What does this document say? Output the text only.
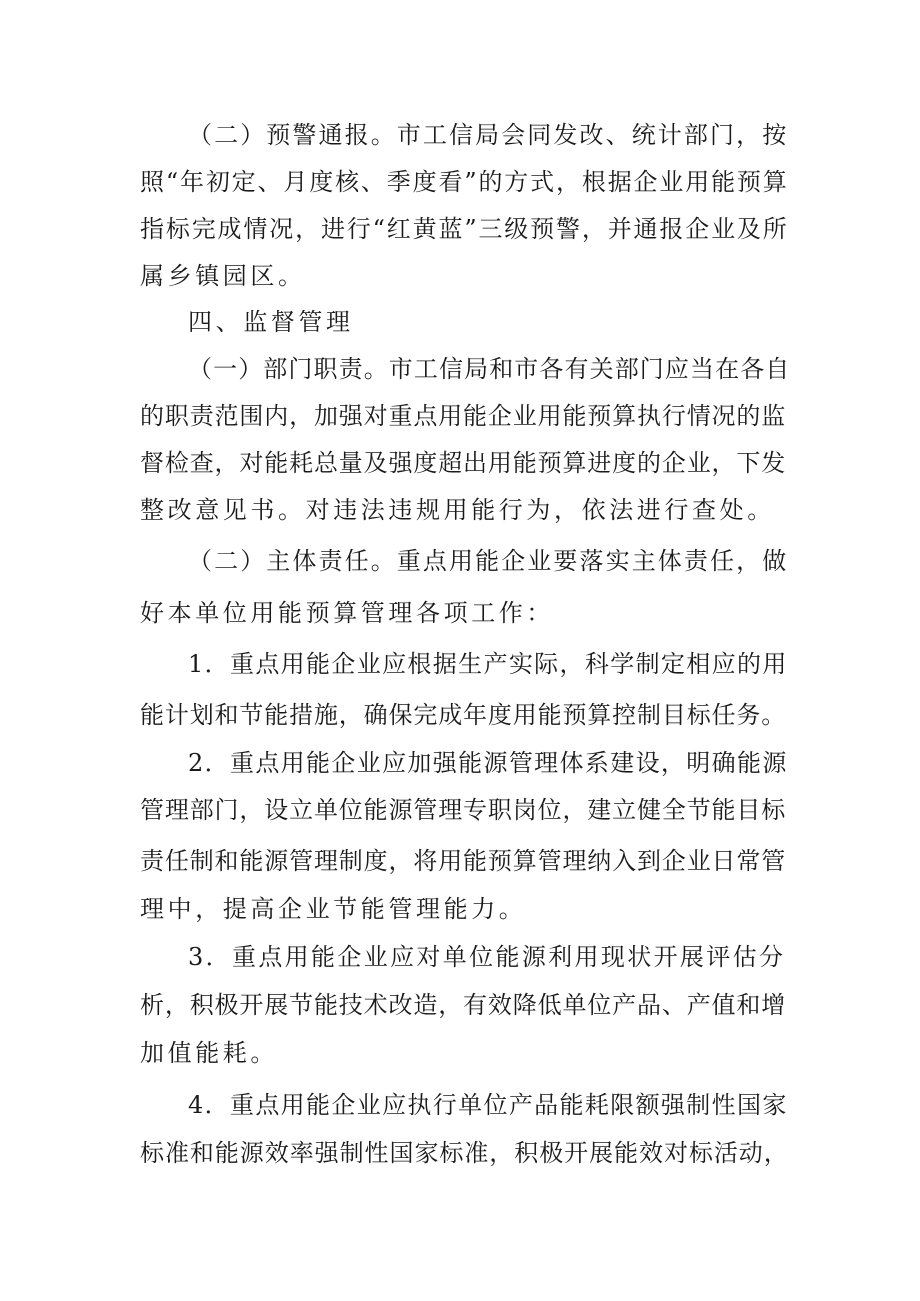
（二）预警通报。市工信局会同发改、统计部门，按
照“年初定、月度核、季度看”的方式，根据企业用能预算
指标完成情况，进行“红黄蓝”三级预警，并通报企业及所
属乡镇园区。
四、监督管理
（一）部门职责。市工信局和市各有关部门应当在各自
的职责范围内，加强对重点用能企业用能预算执行情况的监
督检查，对能耗总量及强度超出用能预算进度的企业，下发
整改意见书。对违法违规用能行为，依法进行查处。
（二）主体责任。重点用能企业要落实主体责任，做
好本单位用能预算管理各项工作：
1．重点用能企业应根据生产实际，科学制定相应的用
能计划和节能措施，确保完成年度用能预算控制目标任务。
2．重点用能企业应加强能源管理体系建设，明确能源
管理部门，设立单位能源管理专职岗位，建立健全节能目标
责任制和能源管理制度，将用能预算管理纳入到企业日常管
理中，提高企业节能管理能力。
3．重点用能企业应对单位能源利用现状开展评估分
析，积极开展节能技术改造，有效降低单位产品、产值和增
加值能耗。
4．重点用能企业应执行单位产品能耗限额强制性国家
标准和能源效率强制性国家标准，积极开展能效对标活动，
